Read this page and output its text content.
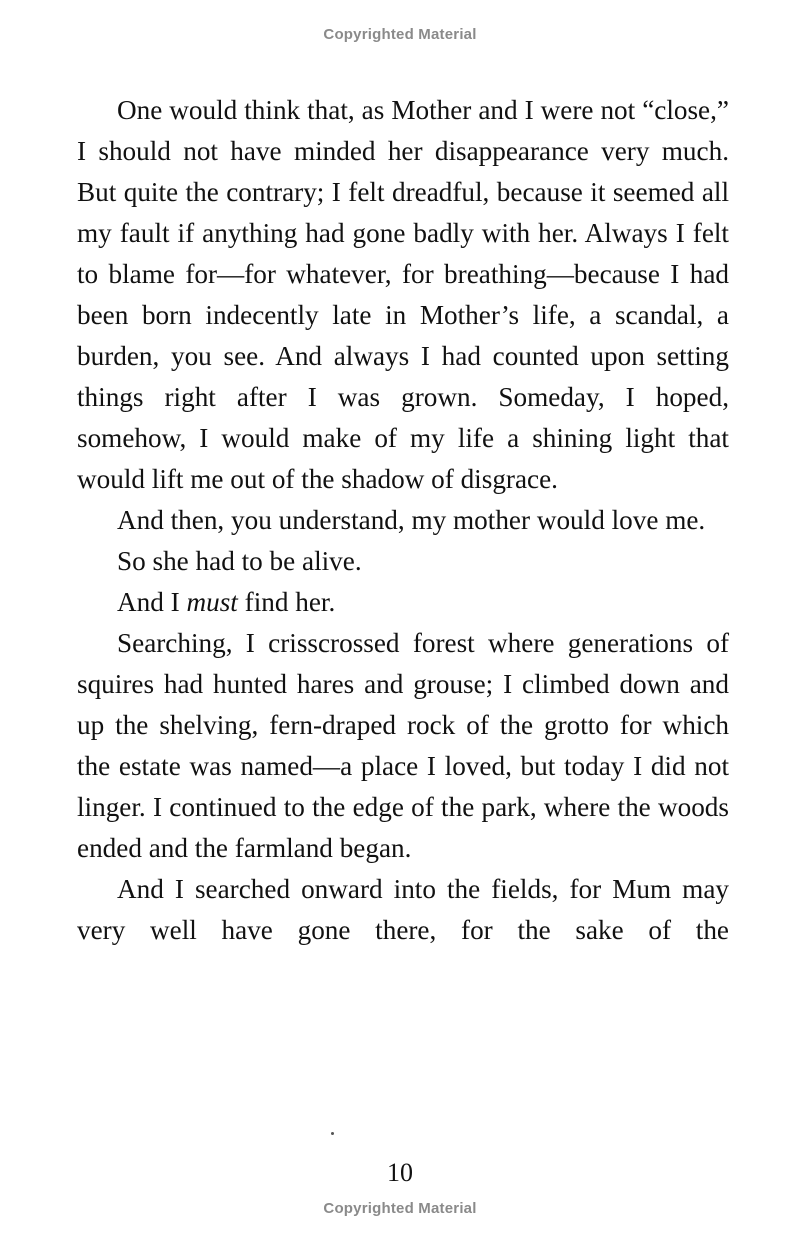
Copyrighted Material

One would think that, as Mother and I were not “close,” I should not have minded her disappearance very much. But quite the contrary; I felt dreadful, because it seemed all my fault if anything had gone badly with her. Always I felt to blame for—for whatever, for breathing—because I had been born indecently late in Mother’s life, a scandal, a burden, you see. And always I had counted upon setting things right after I was grown. Someday, I hoped, somehow, I would make of my life a shining light that would lift me out of the shadow of disgrace.

And then, you understand, my mother would love me.

So she had to be alive.

And I must find her.

Searching, I crisscrossed forest where generations of squires had hunted hares and grouse; I climbed down and up the shelving, fern-draped rock of the grotto for which the estate was named—a place I loved, but today I did not linger. I continued to the edge of the park, where the woods ended and the farmland began.

And I searched onward into the fields, for Mum may very well have gone there, for the sake of the

10
Copyrighted Material
